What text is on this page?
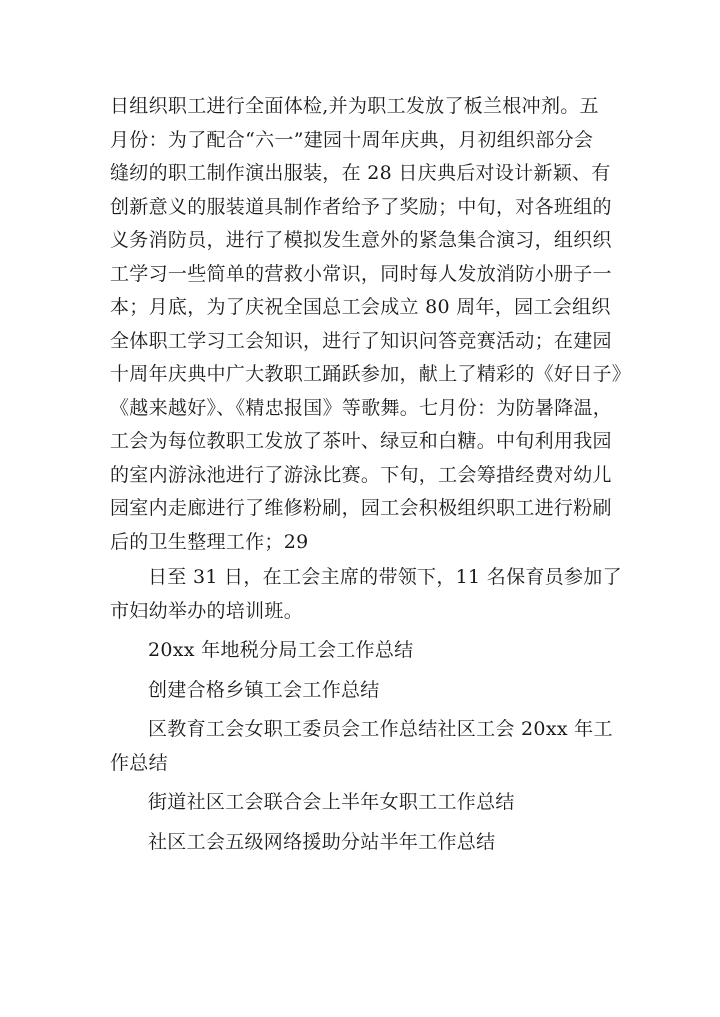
日组织职工进行全面体检,并为职工发放了板兰根冲剂。五
月份：为了配合“六一”建园十周年庆典，月初组织部分会
缝纫的职工制作演出服装，在 28 日庆典后对设计新颖、有
创新意义的服装道具制作者给予了奖励；中旬，对各班组的
义务消防员，进行了模拟发生意外的紧急集合演习，组织织
工学习一些简单的营救小常识，同时每人发放消防小册子一
本；月底，为了庆祝全国总工会成立 80 周年，园工会组织
全体职工学习工会知识，进行了知识问答竞赛活动；在建园
十周年庆典中广大教职工踊跃参加，献上了精彩的《好日子》
《越来越好》、《精忠报国》等歌舞。七月份：为防暑降温，
工会为每位教职工发放了茶叶、绿豆和白糖。中旬利用我园
的室内游泳池进行了游泳比赛。下旬，工会筹措经费对幼儿
园室内走廊进行了维修粉刷，园工会积极组织职工进行粉刷
后的卫生整理工作；29
日至 31 日，在工会主席的带领下，11 名保育员参加了
市妇幼举办的培训班。
20xx 年地税分局工会工作总结
创建合格乡镇工会工作总结
区教育工会女职工委员会工作总结社区工会 20xx 年工
作总结
街道社区工会联合会上半年女职工工作总结
社区工会五级网络援助分站半年工作总结
